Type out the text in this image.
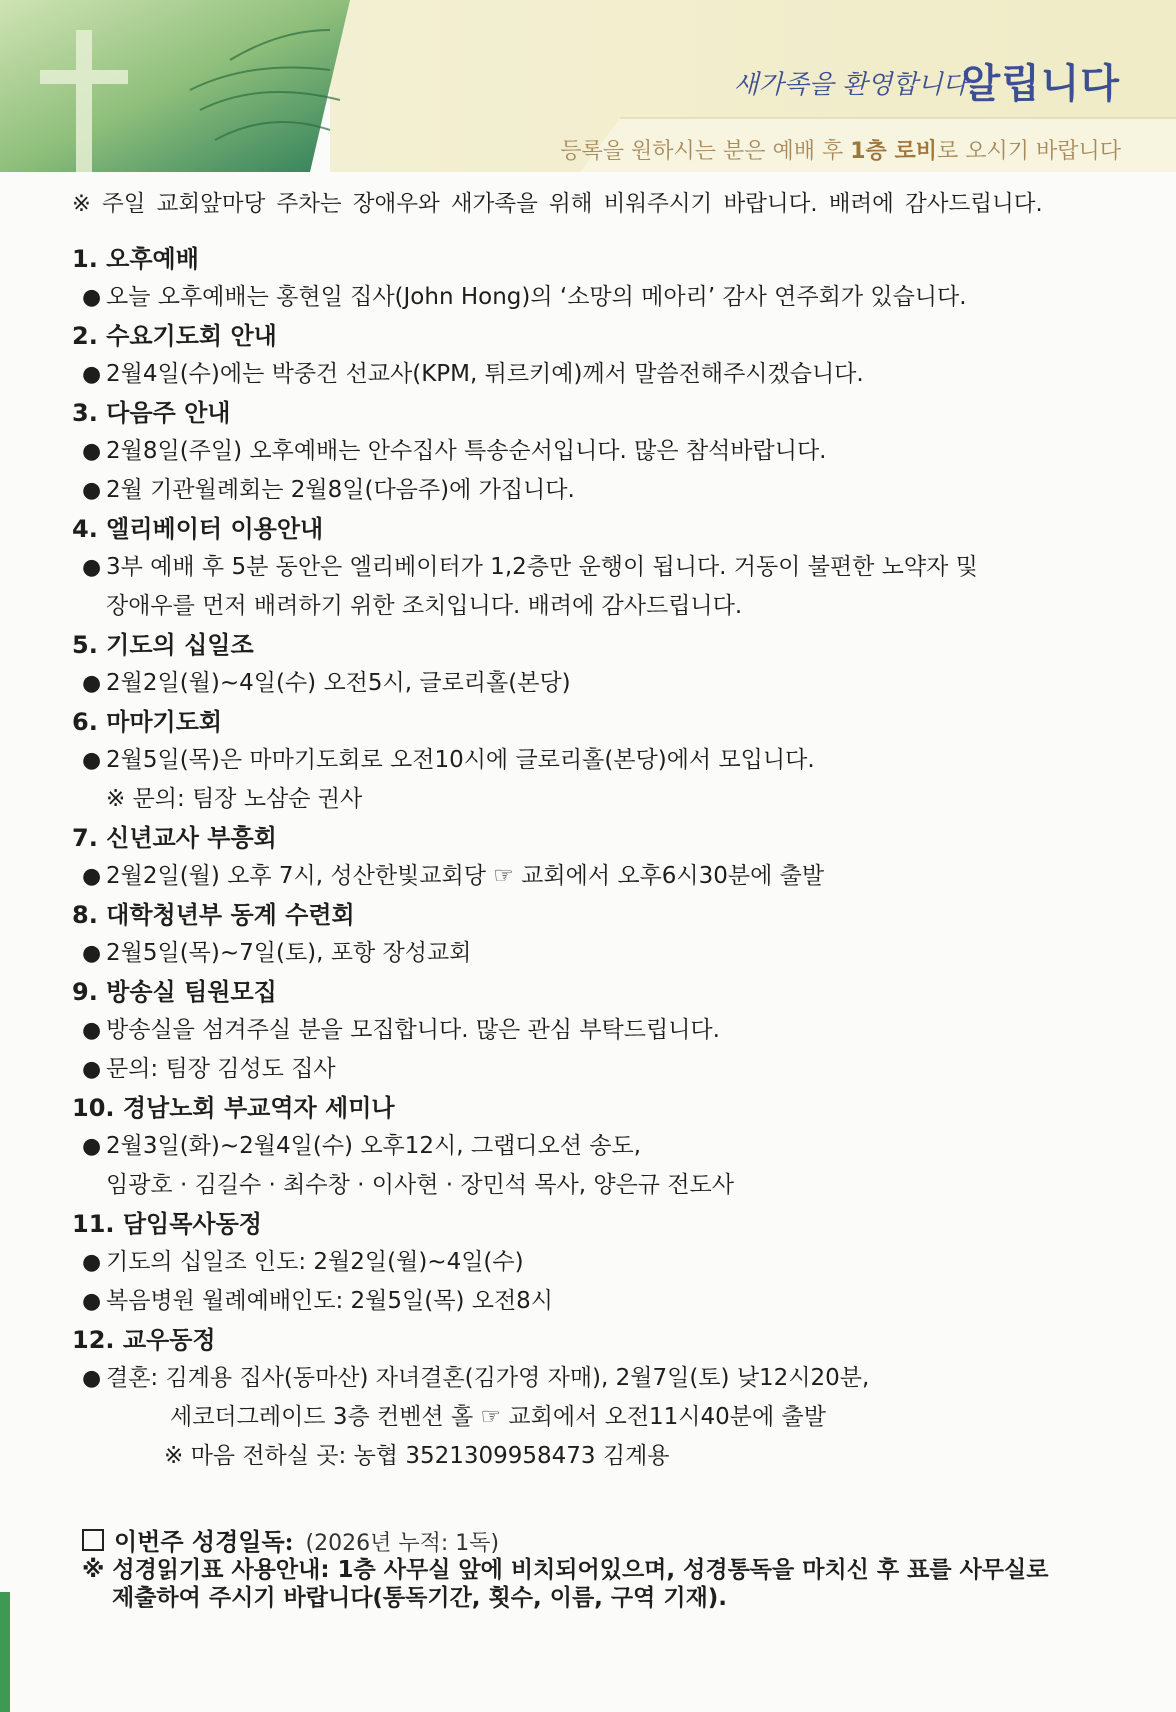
새가족을 환영합니다.
알립니다
등록을 원하시는 분은 예배 후 1층 로비로 오시기 바랍니다
※ 주일 교회앞마당 주차는 장애우와 새가족을 위해 비워주시기 바랍니다. 배려에 감사드립니다.
1. 오후예배
● 오늘 오후예배는 홍현일 집사(John Hong)의 ‘소망의 메아리’ 감사 연주회가 있습니다.
2. 수요기도회 안내
● 2월4일(수)에는 박중건 선교사(KPM, 튀르키예)께서 말씀전해주시겠습니다.
3. 다음주 안내
● 2월8일(주일) 오후예배는 안수집사 특송순서입니다. 많은 참석바랍니다.
● 2월 기관월례회는 2월8일(다음주)에 가집니다.
4. 엘리베이터 이용안내
● 3부 예배 후 5분 동안은 엘리베이터가 1,2층만 운행이 됩니다. 거동이 불편한 노약자 및
장애우를 먼저 배려하기 위한 조치입니다. 배려에 감사드립니다.
5. 기도의 십일조
● 2월2일(월)~4일(수) 오전5시, 글로리홀(본당)
6. 마마기도회
● 2월5일(목)은 마마기도회로 오전10시에 글로리홀(본당)에서 모입니다.
※ 문의: 팀장 노삼순 권사
7. 신년교사 부흥회
● 2월2일(월) 오후 7시, 성산한빛교회당 ☞ 교회에서 오후6시30분에 출발
8. 대학청년부 동계 수련회
● 2월5일(목)~7일(토), 포항 장성교회
9. 방송실 팀원모집
● 방송실을 섬겨주실 분을 모집합니다. 많은 관심 부탁드립니다.
● 문의: 팀장 김성도 집사
10. 경남노회 부교역자 세미나
● 2월3일(화)~2월4일(수) 오후12시, 그랩디오션 송도,
임광호 · 김길수 · 최수창 · 이사현 · 장민석 목사, 양은규 전도사
11. 담임목사동정
● 기도의 십일조 인도: 2월2일(월)~4일(수)
● 복음병원 월례예배인도: 2월5일(목) 오전8시
12. 교우동정
● 결혼: 김계용 집사(동마산) 자녀결혼(김가영 자매), 2월7일(토) 낮12시20분,
세코더그레이드 3층 컨벤션 홀 ☞ 교회에서 오전11시40분에 출발
※ 마음 전하실 곳: 농협 3521309958473 김계용
이번주 성경일독: (2026년 누적: 1독)
※ 성경읽기표 사용안내: 1층 사무실 앞에 비치되어있으며, 성경통독을 마치신 후 표를 사무실로
제출하여 주시기 바랍니다(통독기간, 횟수, 이름, 구역 기재).
